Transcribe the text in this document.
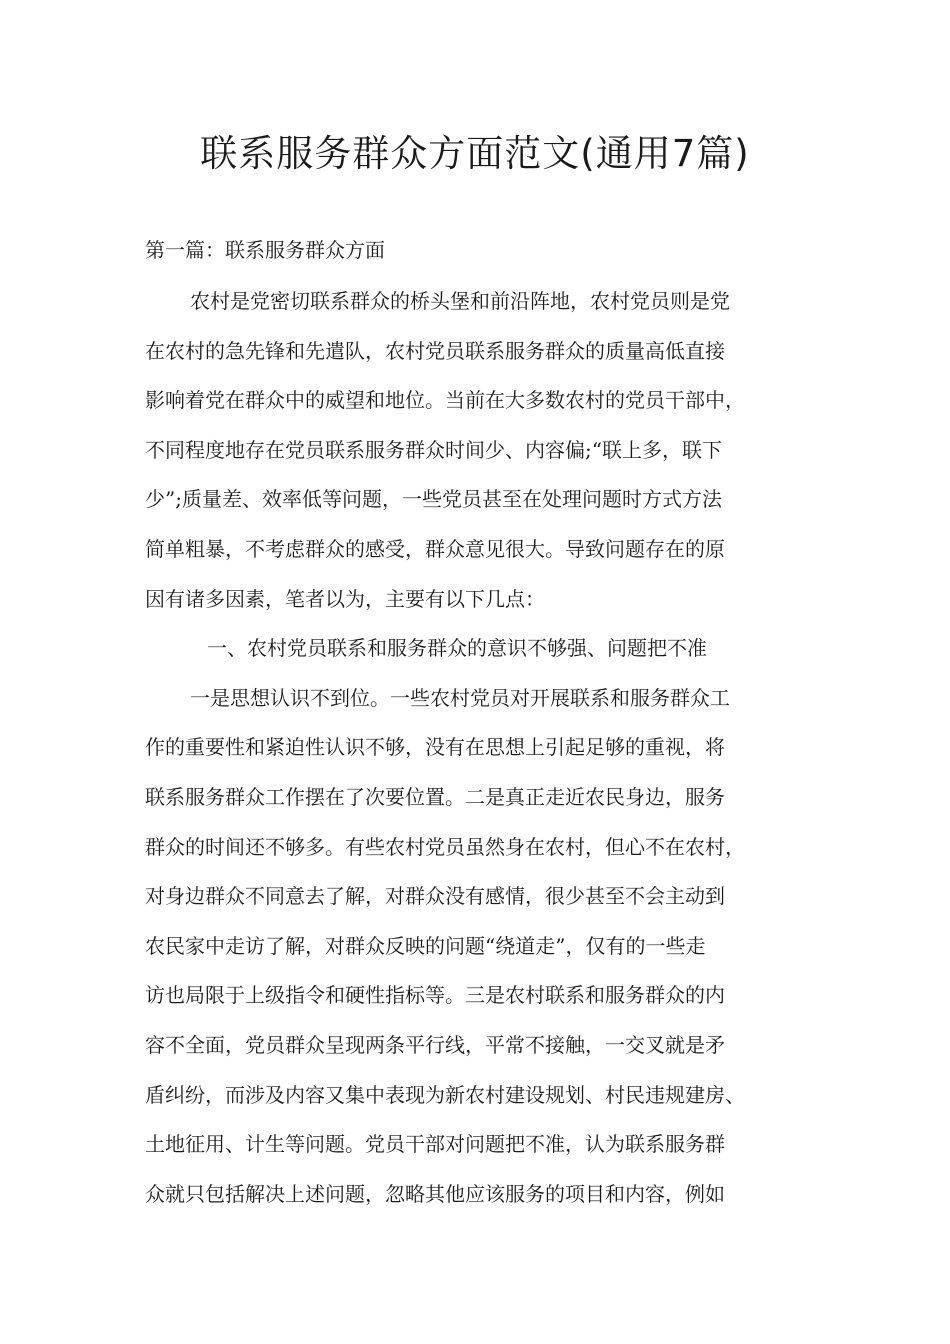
联系服务群众方面范文(通用7篇)
第一篇：联系服务群众方面
农村是党密切联系群众的桥头堡和前沿阵地，农村党员则是党
在农村的急先锋和先遣队，农村党员联系服务群众的质量高低直接
影响着党在群众中的威望和地位。当前在大多数农村的党员干部中，
不同程度地存在党员联系服务群众时间少、内容偏;“联上多，联下
少”;质量差、效率低等问题，一些党员甚至在处理问题时方式方法
简单粗暴，不考虑群众的感受，群众意见很大。导致问题存在的原
因有诸多因素，笔者以为，主要有以下几点：
一、农村党员联系和服务群众的意识不够强、问题把不准
一是思想认识不到位。一些农村党员对开展联系和服务群众工
作的重要性和紧迫性认识不够，没有在思想上引起足够的重视，将
联系服务群众工作摆在了次要位置。二是真正走近农民身边，服务
群众的时间还不够多。有些农村党员虽然身在农村，但心不在农村，
对身边群众不同意去了解，对群众没有感情，很少甚至不会主动到
农民家中走访了解，对群众反映的问题“绕道走”，仅有的一些走
访也局限于上级指令和硬性指标等。三是农村联系和服务群众的内
容不全面，党员群众呈现两条平行线，平常不接触，一交叉就是矛
盾纠纷，而涉及内容又集中表现为新农村建设规划、村民违规建房、
土地征用、计生等问题。党员干部对问题把不准，认为联系服务群
众就只包括解决上述问题，忽略其他应该服务的项目和内容，例如
